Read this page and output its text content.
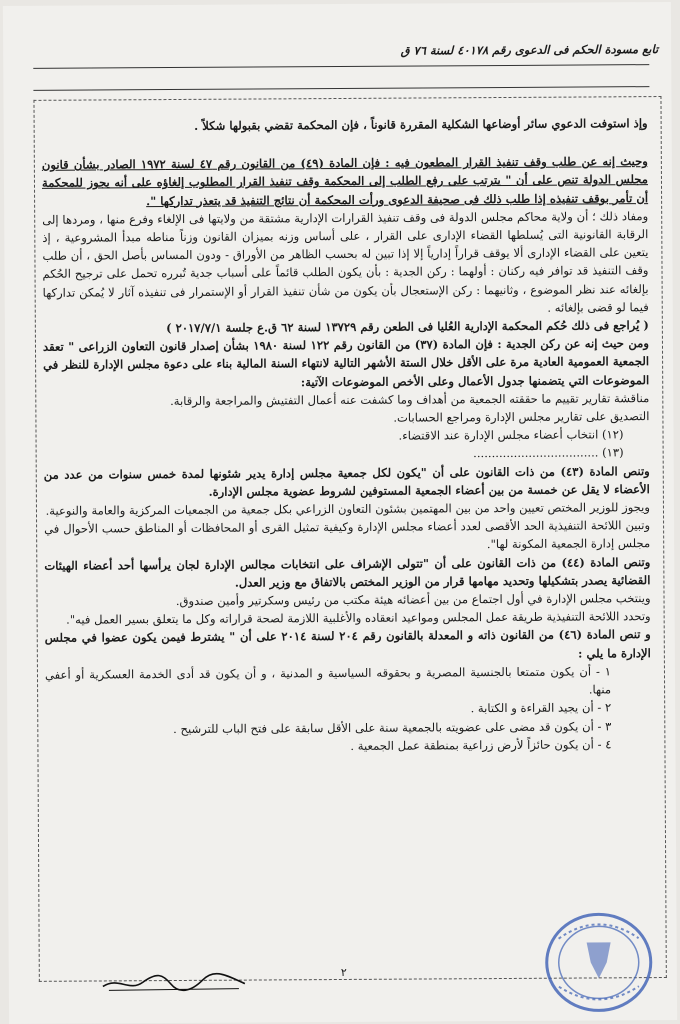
تابع مسودة الحكم فى الدعوى رقم ٤٠١٧٨ لسنة ٧٦ ق

وإذ استوفت الدعوي سائر أوضاعها الشكلية المقررة قانوناً ، فإن المحكمة تقضي بقبولها شكلاً .

وحيث إنه عن طلب وقف تنفيذ القرار المطعون فيه : فإن المادة (٤٩) من القانون رقم ٤٧ لسنة ١٩٧٢ الصادر بشأن قانون مجلس الدولة تنص على أن " يترتب على رفع الطلب إلى المحكمة وقف تنفيذ القرار المطلوب إلغاؤه على أنه يجوز للمحكمة أن تأمر بوقف تنفيذه إذا طلب ذلك فى صحيفة الدعوى ورأت المحكمة أن نتائج التنفيذ قد يتعذر تداركها ".

ومفاد ذلك ؛ أن ولاية محاكم مجلس الدولة فى وقف تنفيذ القرارات الإدارية مشتقة من ولايتها فى الإلغاء وفرع منها ، ومردها إلى الرقابة القانونية التى يُسلطها القضاء الإدارى على القرار ، على أساس وزنه بميزان القانون وزناً مناطه مبدأ المشروعية ، إذ يتعين على القضاء الإدارى ألا يوقف قراراً إدارياً إلا إذا تبين له بحسب الظاهر من الأوراق - ودون المساس بأصل الحق ، أن طلب وقف التنفيذ قد توافر فيه ركنان : أولهما : ركن الجدية : بأن يكون الطلب قائماً على أسباب جدية تُبرره تحمل على ترجيح الحُكم بإلغائه عند نظر الموضوع ، وثانيهما : ركن الإستعجال بأن يكون من شأن تنفيذ القرار أو الإستمرار فى تنفيذه آثار لا يُمكن تداركها فيما لو قضى بإلغائه .

( يُراجع فى ذلك حُكم المحكمة الإدارية العُليا فى الطعن رقم ١٣٧٢٩ لسنة ٦٢ ق.ع جلسة ٢٠١٧/٧/١ )

ومن حيث إنه عن ركن الجدية : فإن المادة (٣٧) من القانون رقم ١٢٢ لسنة ١٩٨٠ بشأن إصدار قانون التعاون الزراعى " تعقد الجمعية العمومية العادية مرة على الأقل خلال الستة الأشهر التالية لانتهاء السنة المالية بناء على دعوة مجلس الإدارة للنظر في الموضوعات التي يتضمنها جدول الأعمال وعلى الأخص الموضوعات الآتية:

مناقشة تقارير تقييم ما حققته الجمعية من أهداف وما كشفت عنه أعمال التفتيش والمراجعة والرقابة.

التصديق على تقارير مجلس الإدارة ومراجع الحسابات.

(١٢) انتخاب أعضاء مجلس الإدارة عند الاقتضاء.

(١٣) ..................................

وتنص المادة (٤٣) من ذات القانون على أن "يكون لكل جمعية مجلس إدارة يدير شئونها لمدة خمس سنوات من عدد من الأعضاء لا يقل عن خمسة من بين أعضاء الجمعية المستوفين لشروط عضوية مجلس الإدارة.

ويجوز للوزير المختص تعيين واحد من بين المهتمين بشئون التعاون الزراعي بكل جمعية من الجمعيات المركزية والعامة والنوعية.

وتبين اللائحة التنفيذية الحد الأقصى لعدد أعضاء مجلس الإدارة وكيفية تمثيل القرى أو المحافظات أو المناطق حسب الأحوال في مجلس إدارة الجمعية المكونة لها".

وتنص المادة (٤٤) من ذات القانون على أن "تتولى الإشراف على انتخابات مجالس الإدارة لجان يرأسها أحد أعضاء الهيئات القضائية يصدر بتشكيلها وتحديد مهامها قرار من الوزير المختص بالاتفاق مع وزير العدل.

وينتخب مجلس الإدارة في أول اجتماع من بين أعضائه هيئة مكتب من رئيس وسكرتير وأمين صندوق.

وتحدد اللائحة التنفيذية طريقة عمل المجلس ومواعيد انعقاده والأغلبية اللازمة لصحة قراراته وكل ما يتعلق بسير العمل فيه".

و تنص المادة (٤٦) من القانون ذاته و المعدلة بالقانون رقم ٢٠٤ لسنة ٢٠١٤ على أن " يشترط فيمن يكون عضوا في مجلس الإدارة ما يلي :

١ - أن يكون متمتعا بالجنسية المصرية و بحقوقه السياسية و المدنية ، و أن يكون قد أدى الخدمة العسكرية أو أعفي منها.

٢ - أن يجيد القراءة و الكتابة .

٣ - أن يكون قد مضى على عضويته بالجمعية سنة على الأقل سابقة على فتح الباب للترشيح .

٤ - أن يكون حائزاً لأرض زراعية بمنطقة عمل الجمعية .

٢
